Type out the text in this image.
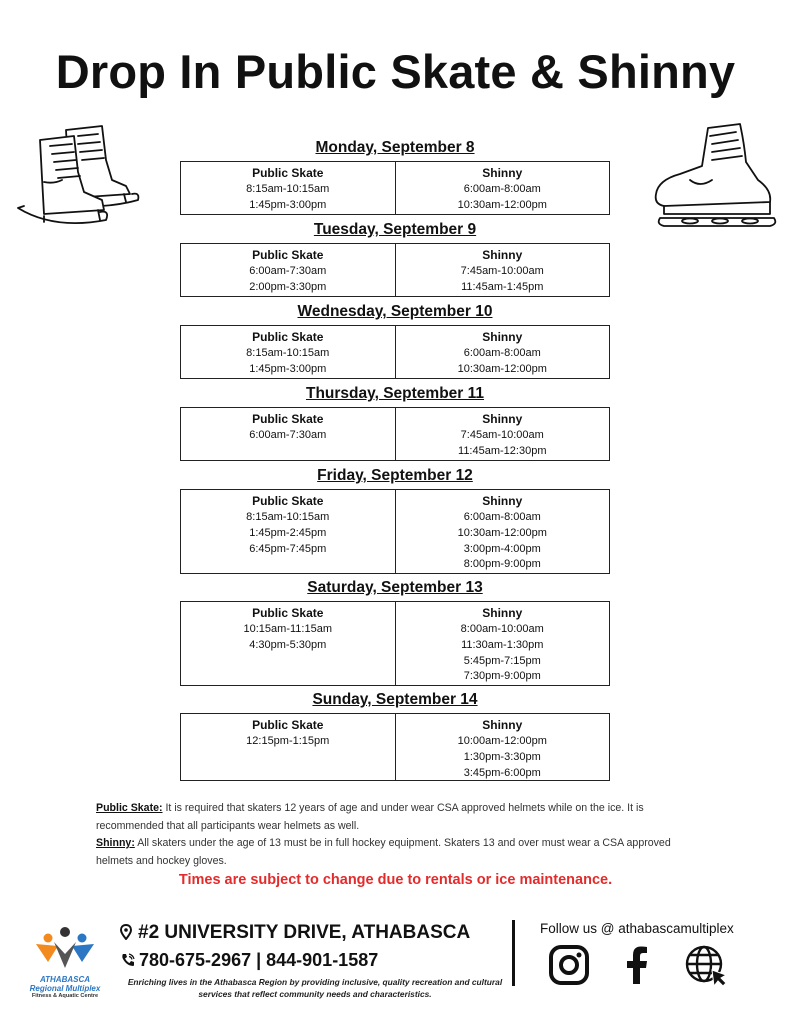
Drop In Public Skate & Shinny
Monday, September 8
Public Skate
8:15am-10:15am
1:45pm-3:00pm
Shinny
6:00am-8:00am
10:30am-12:00pm
Tuesday, September 9
Public Skate
6:00am-7:30am
2:00pm-3:30pm
Shinny
7:45am-10:00am
11:45am-1:45pm
Wednesday, September 10
Public Skate
8:15am-10:15am
1:45pm-3:00pm
Shinny
6:00am-8:00am
10:30am-12:00pm
Thursday, September 11
Public Skate
6:00am-7:30am
Shinny
7:45am-10:00am
11:45am-12:30pm
Friday, September 12
Public Skate
8:15am-10:15am
1:45pm-2:45pm
6:45pm-7:45pm
Shinny
6:00am-8:00am
10:30am-12:00pm
3:00pm-4:00pm
8:00pm-9:00pm
Saturday, September 13
Public Skate
10:15am-11:15am
4:30pm-5:30pm
Shinny
8:00am-10:00am
11:30am-1:30pm
5:45pm-7:15pm
7:30pm-9:00pm
Sunday, September 14
Public Skate
12:15pm-1:15pm
Shinny
10:00am-12:00pm
1:30pm-3:30pm
3:45pm-6:00pm
Public Skate: It is required that skaters 12 years of age and under wear CSA approved helmets while on the ice. It is recommended that all participants wear helmets as well.
Shinny: All skaters under the age of 13 must be in full hockey equipment. Skaters 13 and over must wear a CSA approved helmets and hockey gloves.
Times are subject to change due to rentals or ice maintenance.
ATHABASCA
Regional Multiplex
Fitness & Aquatic Centre
#2 UNIVERSITY DRIVE, ATHABASCA
780-675-2967 | 844-901-1587
Enriching lives in the Athabasca Region by providing inclusive, quality recreation and cultural services that reflect community needs and characteristics.
Follow us @ athabascamultiplex
